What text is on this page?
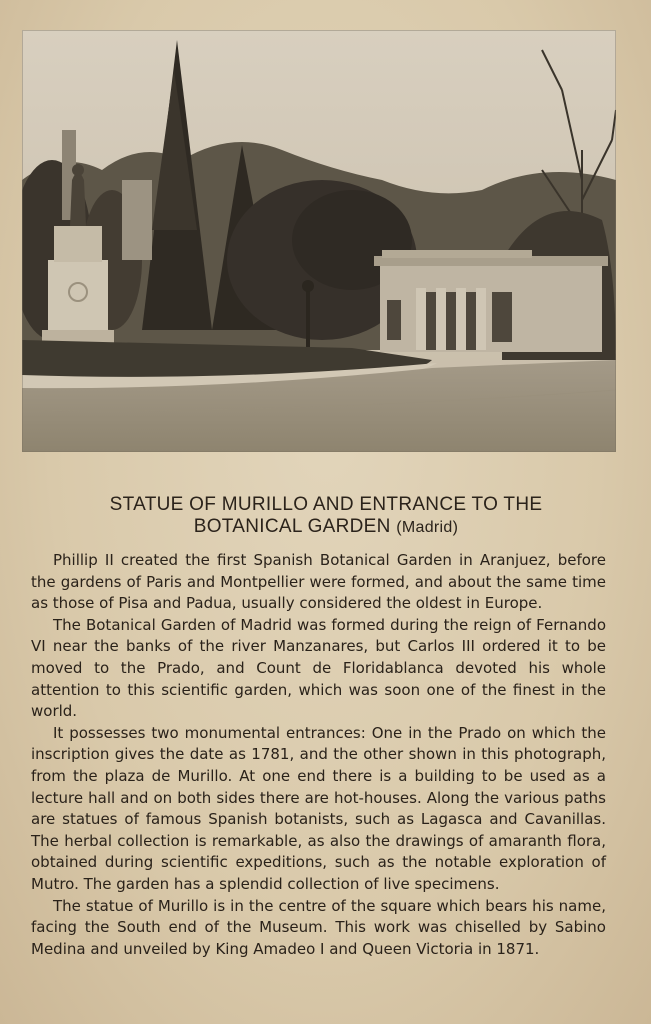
STATUE OF MURILLO AND ENTRANCE TO THE
BOTANICAL GARDEN (Madrid)

Phillip II created the first Spanish Botanical Garden in Aranjuez, before the gardens of Paris and Montpellier were formed, and about the same time as those of Pisa and Padua, usually considered the oldest in Europe.

The Botanical Garden of Madrid was formed during the reign of Fernando VI near the banks of the river Manzanares, but Carlos III ordered it to be moved to the Prado, and Count de Floridablanca devoted his whole attention to this scientific garden, which was soon one of the finest in the world.

It possesses two monumental entrances: One in the Prado on which the inscription gives the date as 1781, and the other shown in this photograph, from the plaza de Murillo. At one end there is a building to be used as a lecture hall and on both sides there are hot-houses. Along the various paths are statues of famous Spanish botanists, such as Lagasca and Cavanillas. The herbal collection is remarkable, as also the drawings of amaranth flora, obtained during scientific expeditions, such as the notable exploration of Mutro. The garden has a splendid collection of live specimens.

The statue of Murillo is in the centre of the square which bears his name, facing the South end of the Museum. This work was chiselled by Sabino Medina and unveiled by King Amadeo I and Queen Victoria in 1871.
